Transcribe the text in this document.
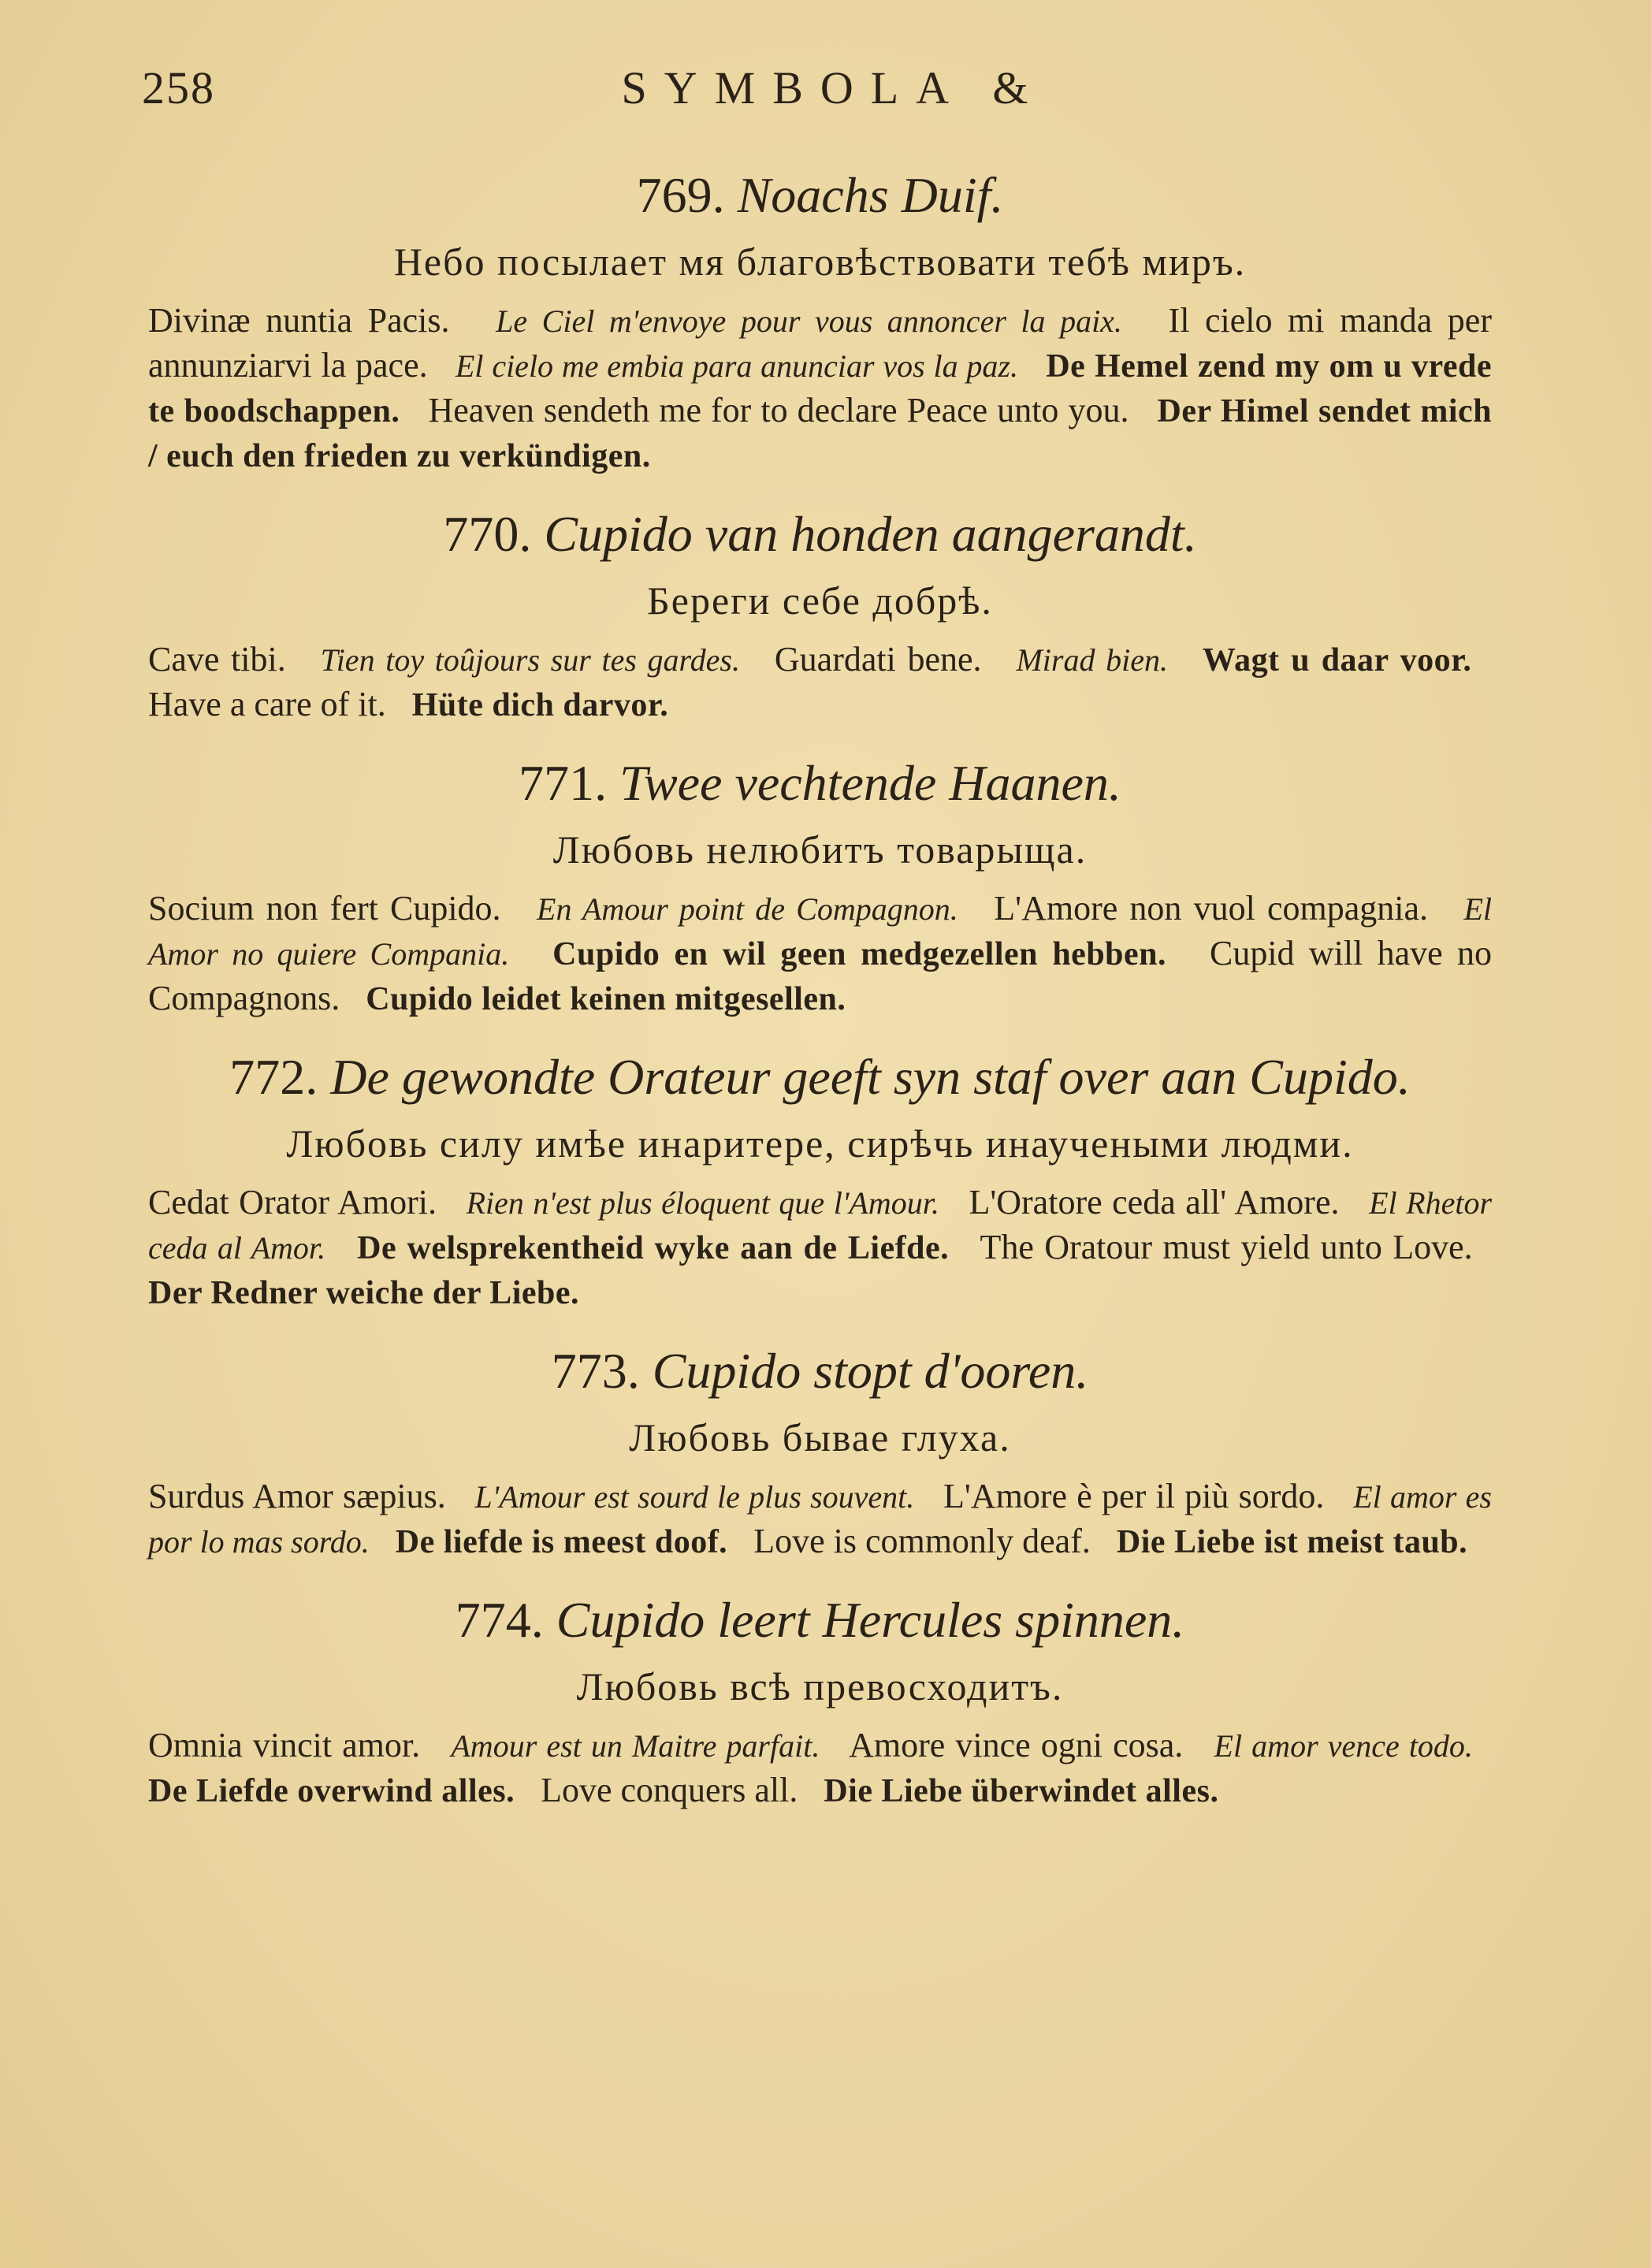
258	SYMBOLA &
769. Noachs Duif.
Небо посылает мя благовѣствовати тебѣ миръ.
Divinæ nuntia Pacis. Le Ciel m'envoye pour vous annoncer la paix. Il cielo mi manda per annunziarvi la pace. El cielo me embia para anunciar vos la paz. De Hemel zend my om u vrede te boodschappen. Heaven sendeth me for to declare Peace unto you. Der Himel sendet mich / euch den frieden zu verkündigen.
770. Cupido van honden aangerandt.
Береги себе добрѣ.
Cave tibi. Tien toy toûjours sur tes gardes. Guardati bene. Mirad bien. Wagt u daar voor.   Have a care of it. Hüte dich darvor.
771. Twee vechtende Haanen.
Любовь нелюбитъ товарыща.
Socium non fert Cupido. En Amour point de Compagnon. L'Amore non vuol compagnia. El Amor no quiere Compania. Cupido en wil geen medgezellen hebben. Cupid will have no Compagnons. Cupido leidet keinen mitgesellen.
772. De gewondte Orateur geeft syn staf over aan Cupido.
Любовь силу имѣе инаритере, сирѣчь инаучеными людми.
Cedat Orator Amori. Rien n'est plus éloquent que l'Amour. L'Oratore ceda all' Amore. El Rhetor ceda al Amor. De welsprekentheid wyke aan de Liefde. The Oratour must yield unto Love.   Der Redner weiche der Liebe.
773. Cupido stopt d'ooren.
Любовь бывае глуха.
Surdus Amor sæpius. L'Amour est sourd le plus souvent. L'Amore è per il più sordo. El amor es por lo mas sordo. De liefde is meest doof. Love is commonly deaf. Die Liebe ist meist taub.
774. Cupido leert Hercules spinnen.
Любовь всѣ превосходитъ.
Omnia vincit amor. Amour est un Maitre parfait. Amore vince ogni cosa. El amor vence todo.   De Liefde overwind alles. Love conquers all. Die Liebe überwindet alles.
